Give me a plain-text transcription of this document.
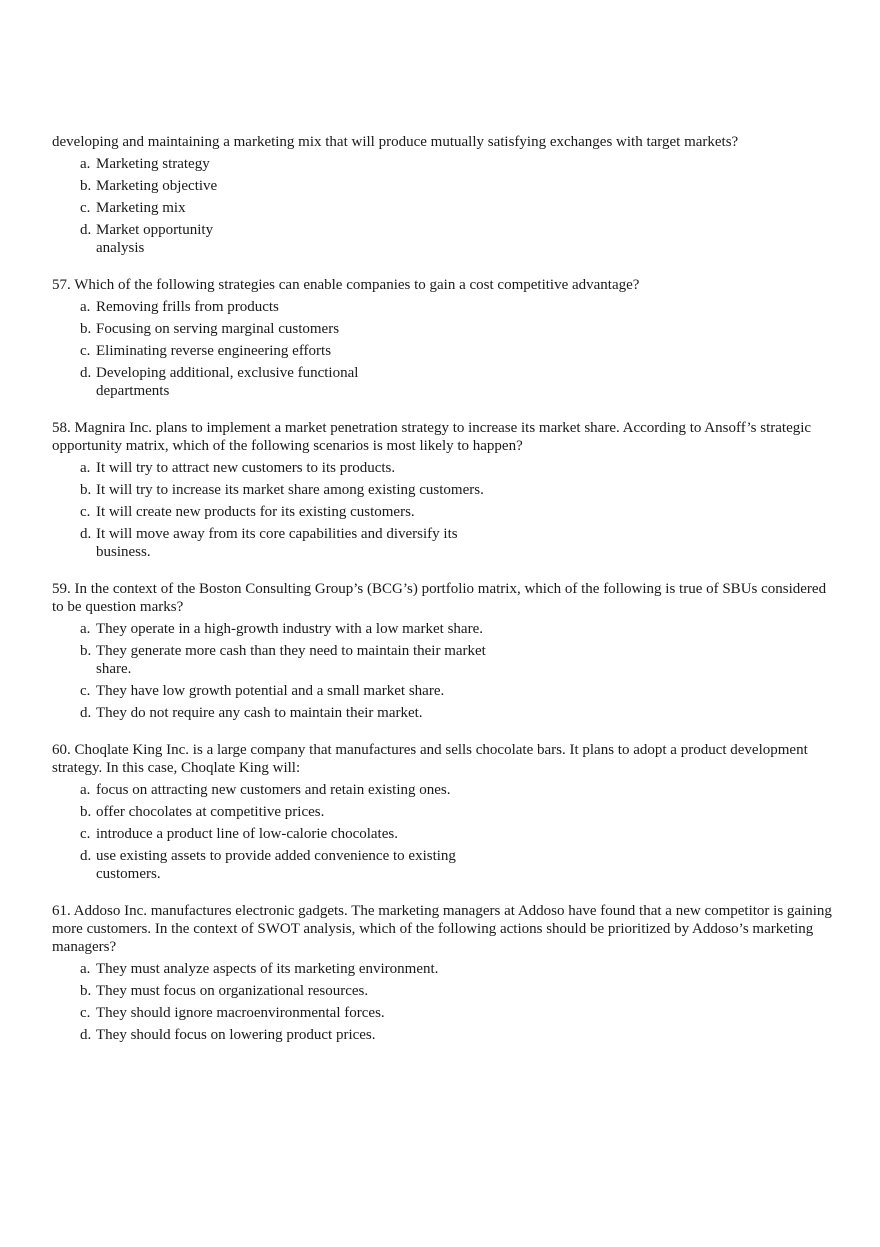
developing and maintaining a marketing mix that will produce mutually satisfying exchanges with target markets?

a. Marketing strategy
b. Marketing objective
c. Marketing mix
d. Market opportunity analysis

57. Which of the following strategies can enable companies to gain a cost competitive advantage?

a. Removing frills from products
b. Focusing on serving marginal customers
c. Eliminating reverse engineering efforts
d. Developing additional, exclusive functional departments

58. Magnira Inc. plans to implement a market penetration strategy to increase its market share. According to Ansoff’s strategic opportunity matrix, which of the following scenarios is most likely to happen?

a. It will try to attract new customers to its products.
b. It will try to increase its market share among existing customers.
c. It will create new products for its existing customers.
d. It will move away from its core capabilities and diversify its business.

59. In the context of the Boston Consulting Group’s (BCG’s) portfolio matrix, which of the following is true of SBUs considered to be question marks?

a. They operate in a high-growth industry with a low market share.
b. They generate more cash than they need to maintain their market share.
c. They have low growth potential and a small market share.
d. They do not require any cash to maintain their market.

60. Choqlate King Inc. is a large company that manufactures and sells chocolate bars. It plans to adopt a product development strategy. In this case, Choqlate King will:

a. focus on attracting new customers and retain existing ones.
b. offer chocolates at competitive prices.
c. introduce a product line of low-calorie chocolates.
d. use existing assets to provide added convenience to existing customers.

61. Addoso Inc. manufactures electronic gadgets. The marketing managers at Addoso have found that a new competitor is gaining more customers. In the context of SWOT analysis, which of the following actions should be prioritized by Addoso’s marketing managers?

a. They must analyze aspects of its marketing environment.
b. They must focus on organizational resources.
c. They should ignore macroenvironmental forces.
d. They should focus on lowering product prices.
